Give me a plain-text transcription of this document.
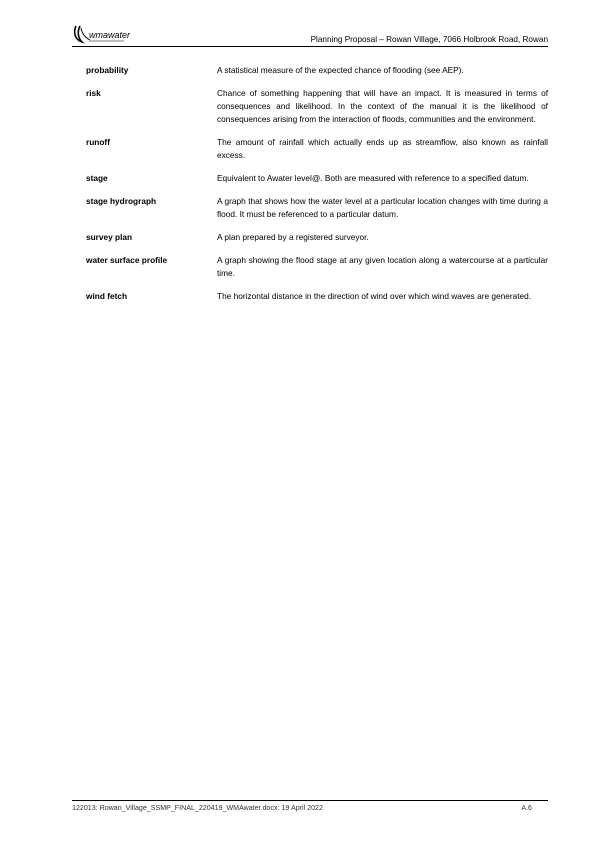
wmawater	Planning Proposal – Rowan Village, 7066 Holbrook Road, Rowan
probability	A statistical measure of the expected chance of flooding (see AEP).
risk	Chance of something happening that will have an impact. It is measured in terms of consequences and likelihood. In the context of the manual it is the likelihood of consequences arising from the interaction of floods, communities and the environment.
runoff	The amount of rainfall which actually ends up as streamflow, also known as rainfall excess.
stage	Equivalent to Awater level@. Both are measured with reference to a specified datum.
stage hydrograph	A graph that shows how the water level at a particular location changes with time during a flood. It must be referenced to a particular datum.
survey plan	A plan prepared by a registered surveyor.
water surface profile	A graph showing the flood stage at any given location along a watercourse at a particular time.
wind fetch	The horizontal distance in the direction of wind over which wind waves are generated.
122013: Rowan_Village_SSMP_FINAL_220419_WMAwater.docx: 19 April 2022	A.6
